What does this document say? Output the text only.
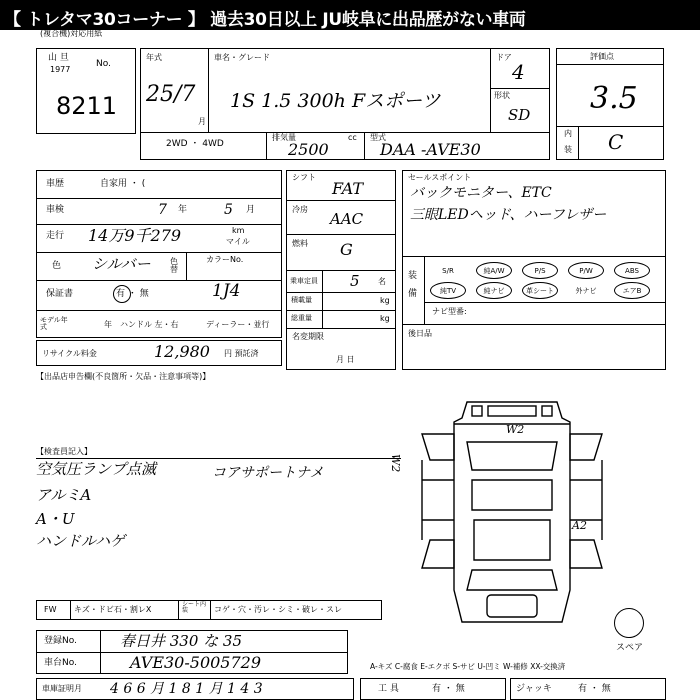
【 トレタマ30コーナー 】 過去30日以上 JU岐阜に出品歴がない車両
(複合機)対応用紙
山 旦
1977
No.
8211
年式
25/7
月
車名・グレード
1S 1.5 300h Fスポーツ
ドア
4
形状
SD
2WD ・ 4WD
排気量	cc
2500
型式
DAA -AVE30
評価点
3.5
内
装 C
車歴	自家用 ・ (
車検	7 年	5 月
走行 14万9千279	km
マイル
色 シルバー 色替
カラーNo.
保証書	有 ・ 無	1J4
モデル年式	年 ハンドル 左・右	ディーラー・並行
リサイクル料金	12,980 円 預託済
シフト
FAT
冷房
AAC
燃料 G
乗車定員 5 名
積載量	kg
総重量	kg
名変期限
月 日
セールスポイント
バックモニター、ETC
三眼LEDヘッド、ハーフレザー
装
備
S/R	純A/W	P/S	P/W	ABS
純TV	純ナビ	革シート	外ナビ	エアB
ナビ型番:
後日品
【出品店申告欄(不良箇所・欠品・注意事項等)】
【検査員記入】
空気圧ランプ点滅
アルミA
A・U
ハンドルハゲ
コアサポートナメ
W2
W2
A2
スペア
FW キズ・ドビ石・割レX
シート内装	コゲ・穴・汚レ・シミ・破レ・スレ
登録No.	春日井 330 な 35
車台No.	AVE30-5005729	A-キズ C-腐食 E-エクボ S-サビ U-凹ミ W-補修 XX-交換済
車庫証明月 4 6 6 月 1 8 1 月 1 4 3	工 具	有 ・ 無	ジャッキ	有 ・ 無
